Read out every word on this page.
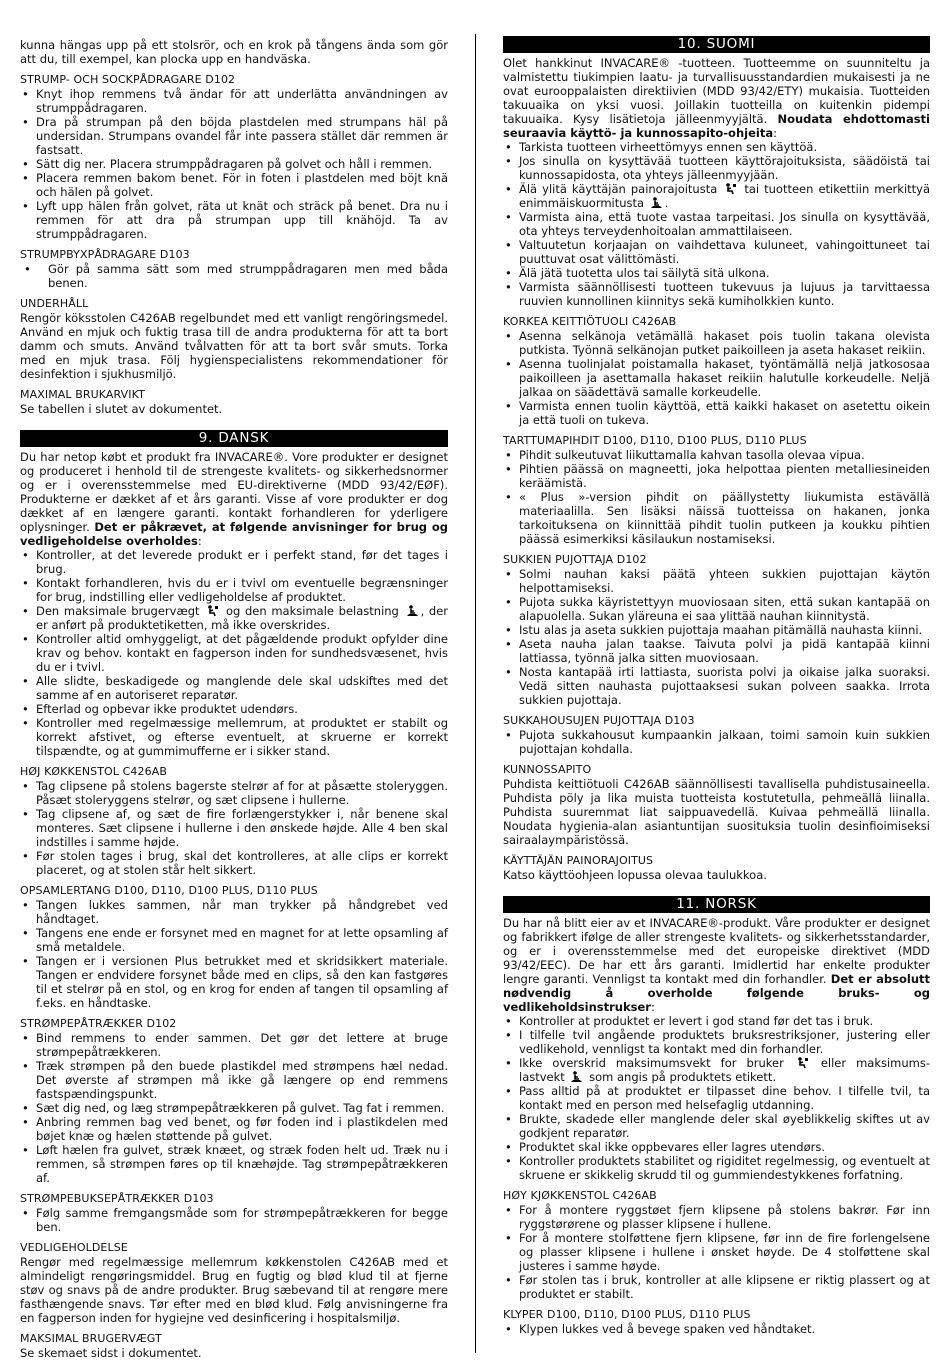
kunna hängas upp på ett stolsrör, och en krok på tångens ända som gör att du, till exempel, kan plocka upp en handväska.

STRUMP- OCH SOCKPÅDRAGARE D102

• Knyt ihop remmens två ändar för att underlätta användningen av strumppådragaren.
• Dra på strumpan på den böjda plastdelen med strumpans häl på undersidan. Strumpans ovandel får inte passera stället där remmen är fastsatt.
• Sätt dig ner. Placera strumppådragaren på golvet och håll i remmen.
• Placera remmen bakom benet. För in foten i plastdelen med böjt knä och hälen på golvet.
• Lyft upp hälen från golvet, räta ut knät och sträck på benet. Dra nu i remmen för att dra på strumpan upp till knähöjd. Ta av strumppådragaren.

STRUMPBYXPÅDRAGARE D103

• Gör på samma sätt som med strumppådragaren men med båda benen.

UNDERHÅLL

Rengör köksstolen C426AB regelbundet med ett vanligt rengöringsmedel. Använd en mjuk och fuktig trasa till de andra produkterna för att ta bort damm och smuts. Använd tvålvatten för att ta bort svår smuts. Torka med en mjuk trasa. Följ hygienspecialistens rekommendationer för desinfektion i sjukhusmiljö.

MAXIMAL BRUKARVIKT

Se tabellen i slutet av dokumentet.

9. DANSK

Du har netop købt et produkt fra INVACARE®. Vore produkter er designet og produceret i henhold til de strengeste kvalitets- og sikkerhedsnormer og er i overensstemmelse med EU-direktiverne (MDD 93/42/EØF). Produkterne er dækket af et års garanti. Visse af vore produkter er dog dækket af en længere garanti. kontakt forhandleren for yderligere oplysninger. Det er påkrævet, at følgende anvisninger for brug og vedligeholdelse overholdes:

• Kontroller, at det leverede produkt er i perfekt stand, før det tages i brug.
• Kontakt forhandleren, hvis du er i tvivl om eventuelle begrænsninger for brug, indstilling eller vedligeholdelse af produktet.
• Den maksimale brugervægt og den maksimale belastning , der er anført på produktetiketten, må ikke overskrides.
• Kontroller altid omhyggeligt, at det pågældende produkt opfylder dine krav og behov. kontakt en fagperson inden for sundhedsvæsenet, hvis du er i tvivl.
• Alle slidte, beskadigede og manglende dele skal udskiftes med det samme af en autoriseret reparatør.
• Efterlad og opbevar ikke produktet udendørs.
• Kontroller med regelmæssige mellemrum, at produktet er stabilt og korrekt afstivet, og efterse eventuelt, at skruerne er korrekt tilspændte, og at gummimufferne er i sikker stand.

HØJ KØKKENSTOL C426AB

• Tag clipsene på stolens bagerste stelrør af for at påsætte stoleryggen. Påsæt stoleryggens stelrør, og sæt clipsene i hullerne.
• Tag clipsene af, og sæt de fire forlængerstykker i, når benene skal monteres. Sæt clipsene i hullerne i den ønskede højde. Alle 4 ben skal indstilles i samme højde.
• Før stolen tages i brug, skal det kontrolleres, at alle clips er korrekt placeret, og at stolen står helt sikkert.

OPSAMLERTANG D100, D110, D100 PLUS, D110 PLUS

• Tangen lukkes sammen, når man trykker på håndgrebet ved håndtaget.
• Tangens ene ende er forsynet med en magnet for at lette opsamling af små metaldele.
• Tangen er i versionen Plus betrukket med et skridsikkert materiale. Tangen er endvidere forsynet både med en clips, så den kan fastgøres til et stelrør på en stol, og en krog for enden af tangen til opsamling af f.eks. en håndtaske.

STRØMPEPÅTRÆKKER D102

• Bind remmens to ender sammen. Det gør det lettere at bruge strømpepåtrækkeren.
• Træk strømpen på den buede plastikdel med strømpens hæl nedad. Det øverste af strømpen må ikke gå længere op end remmens fastspændingspunkt.
• Sæt dig ned, og læg strømpepåtrækkeren på gulvet. Tag fat i remmen.
• Anbring remmen bag ved benet, og før foden ind i plastikdelen med bøjet knæ og hælen støttende på gulvet.
• Løft hælen fra gulvet, stræk knæet, og stræk foden helt ud. Træk nu i remmen, så strømpen føres op til knæhøjde. Tag strømpepåtrækkeren af.

STRØMPEBUKSEPÅTRÆKKER D103

• Følg samme fremgangsmåde som for strømpepåtrækkeren for begge ben.

VEDLIGEHOLDELSE

Rengør med regelmæssige mellemrum køkkenstolen C426AB med et almindeligt rengøringsmiddel. Brug en fugtig og blød klud til at fjerne støv og snavs på de andre produkter. Brug sæbevand til at rengøre mere fasthængende snavs. Tør efter med en blød klud. Følg anvisningerne fra en fagperson inden for hygiejne ved desinficering i hospitalsmiljø.

MAKSIMAL BRUGERVÆGT

Se skemaet sidst i dokumentet.

10. SUOMI

Olet hankkinut INVACARE® -tuotteen. Tuotteemme on suunniteltu ja valmistettu tiukimpien laatu- ja turvallisuusstandardien mukaisesti ja ne ovat eurooppalaisten direktiivien (MDD 93/42/ETY) mukaisia. Tuotteiden takuuaika on yksi vuosi. Joillakin tuotteilla on kuitenkin pidempi takuuaika. Kysy lisätietoja jälleenmyyjältä. Noudata ehdottomasti seuraavia käyttö- ja kunnossapito-ohjeita:

• Tarkista tuotteen virheettömyys ennen sen käyttöä.
• Jos sinulla on kysyttävää tuotteen käyttörajoituksista, säädöistä tai kunnossapidosta, ota yhteys jälleenmyyjään.
• Älä ylitä käyttäjän painorajoitusta tai tuotteen etikettiin merkittyä enimmäiskuormitusta .
• Varmista aina, että tuote vastaa tarpeitasi. Jos sinulla on kysyttävää, ota yhteys terveydenhoitoalan ammattilaiseen.
• Valtuutetun korjaajan on vaihdettava kuluneet, vahingoittuneet tai puuttuvat osat välittömästi.
• Älä jätä tuotetta ulos tai säilytä sitä ulkona.
• Varmista säännöllisesti tuotteen tukevuus ja lujuus ja tarvittaessa ruuvien kunnollinen kiinnitys sekä kumiholkkien kunto.

KORKEA KEITTIÖTUOLI C426AB

• Asenna selkänoja vetämällä hakaset pois tuolin takana olevista putkista. Työnnä selkänojan putket paikoilleen ja aseta hakaset reikiin.
• Asenna tuolinjalat poistamalla hakaset, työntämällä neljä jatkososaa paikoilleen ja asettamalla hakaset reikiin halutulle korkeudelle. Neljä jalkaa on säädettävä samalle korkeudelle.
• Varmista ennen tuolin käyttöä, että kaikki hakaset on asetettu oikein ja että tuoli on tukeva.

TARTTUMAPIHDIT D100, D110, D100 PLUS, D110 PLUS

• Pihdit sulkeutuvat liikuttamalla kahvan tasolla olevaa vipua.
• Pihtien päässä on magneetti, joka helpottaa pienten metalliesineiden keräämistä.
• « Plus »-version pihdit on päällystetty liukumista estävällä materiaalilla. Sen lisäksi näissä tuotteissa on hakanen, jonka tarkoituksena on kiinnittää pihdit tuolin putkeen ja koukku pihtien päässä esimerkiksi käsilaukun nostamiseksi.

SUKKIEN PUJOTTAJA D102

• Solmi nauhan kaksi päätä yhteen sukkien pujottajan käytön helpottamiseksi.
• Pujota sukka käyristettyyn muoviosaan siten, että sukan kantapää on alapuolella. Sukan yläreuna ei saa ylittää nauhan kiinnitystä.
• Istu alas ja aseta sukkien pujottaja maahan pitämällä nauhasta kiinni.
• Aseta nauha jalan taakse. Taivuta polvi ja pidä kantapää kiinni lattiassa, työnnä jalka sitten muoviosaan.
• Nosta kantapää irti lattiasta, suorista polvi ja oikaise jalka suoraksi. Vedä sitten nauhasta pujottaaksesi sukan polveen saakka. Irrota sukkien pujottaja.

SUKKAHOUSUJEN PUJOTTAJA D103

• Pujota sukkahousut kumpaankin jalkaan, toimi samoin kuin sukkien pujottajan kohdalla.

KUNNOSSAPITO

Puhdista keittiötuoli C426AB säännöllisesti tavallisella puhdistusaineella. Puhdista pöly ja lika muista tuotteista kostutetulla, pehmeällä liinalla. Puhdista suuremmat liat saippuavedellä. Kuivaa pehmeällä liinalla. Noudata hygienia-alan asiantuntijan suosituksia tuolin desinfioimiseksi sairaalaympäristössä.

KÄYTTÄJÄN PAINORAJOITUS

Katso käyttöohjeen lopussa olevaa taulukkoa.

11. NORSK

Du har nå blitt eier av et INVACARE®-produkt. Våre produkter er designet og fabrikkert ifølge de aller strengeste kvalitets- og sikkerhetsstandarder, og er i overensstemmelse med det europeiske direktivet (MDD 93/42/EEC). De har ett års garanti. Imidlertid har enkelte produkter lengre garanti. Vennligst ta kontakt med din forhandler. Det er absolutt nødvendig å overholde følgende bruks- og vedlikeholdsinstrukser:

• Kontroller at produktet er levert i god stand før det tas i bruk.
• I tilfelle tvil angående produktets bruksrestriksjoner, justering eller vedlikehold, vennligst ta kontakt med din forhandler.
• Ikke overskrid maksimumsvekt for bruker	eller maksimums-lastvekt som angis på produktets etikett.
• Pass alltid på at produktet er tilpasset dine behov. I tilfelle tvil, ta kontakt med en person med helsefaglig utdanning.
• Brukte, skadede eller manglende deler skal øyeblikkelig skiftes ut av godkjent reparatør.
• Produktet skal ikke oppbevares eller lagres utendørs.
• Kontroller produktets stabilitet og rigiditet regelmessig, og eventuelt at skruene er skikkelig skrudd til og gummiendestykkenes forfatning.

HØY KJØKKENSTOL C426AB

• For å montere ryggstøet fjern klipsene på stolens bakrør. Før inn ryggstørørene og plasser klipsene i hullene.
• For å montere stolføttene fjern klipsene, før inn de fire forlengelsene og plasser klipsene i hullene i ønsket høyde. De 4 stolføttene skal justeres i samme høyde.
• Før stolen tas i bruk, kontroller at alle klipsene er riktig plassert og at produktet er stabilt.

KLYPER D100, D110, D100 PLUS, D110 PLUS

• Klypen lukkes ved å bevege spaken ved håndtaket.
